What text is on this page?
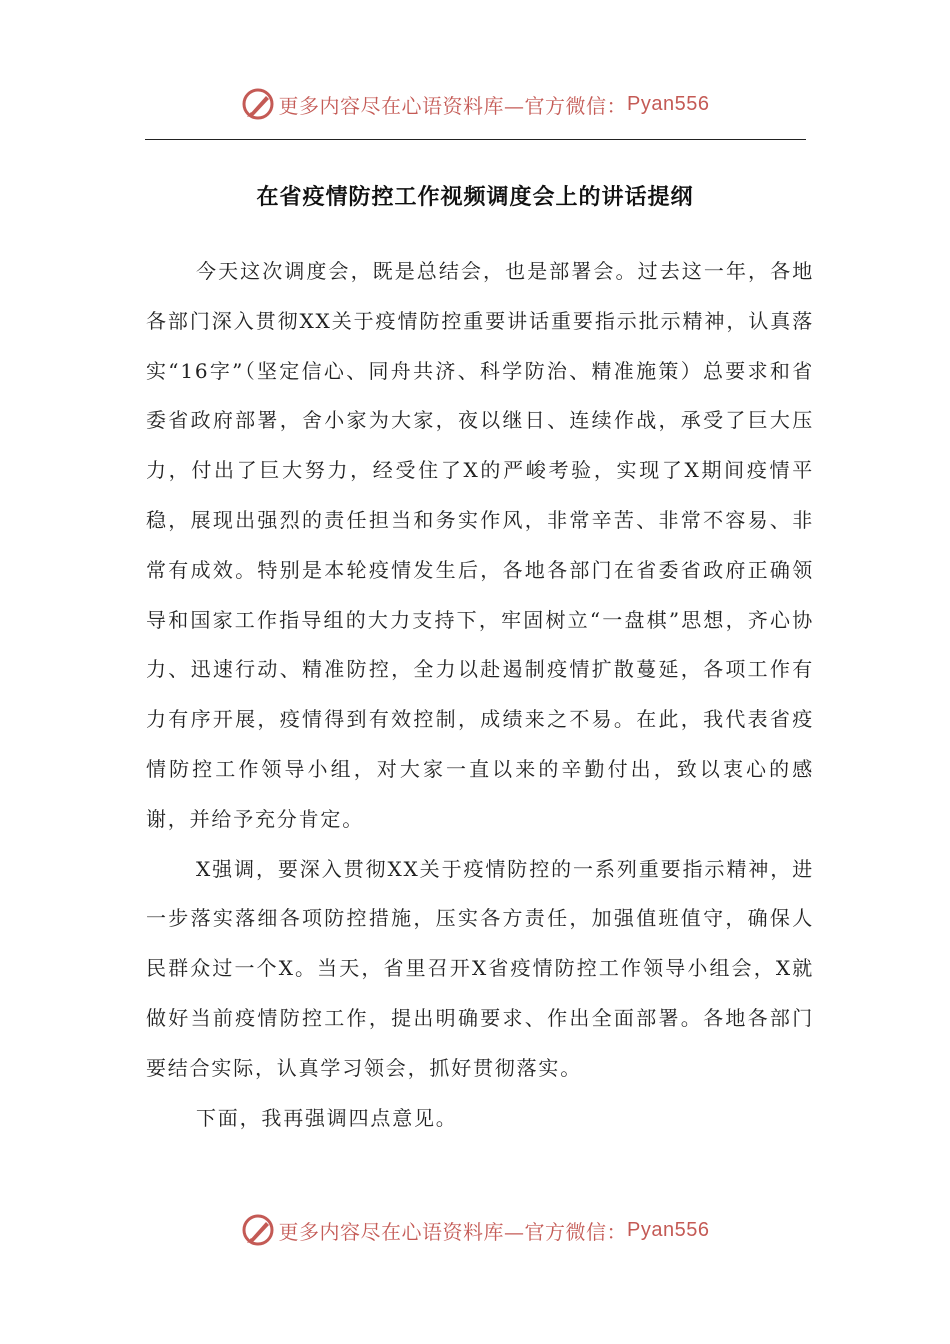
更多内容尽在心语资料库—官方微信： Pyan556
在省疫情防控工作视频调度会上的讲话提纲

今天这次调度会，既是总结会，也是部署会。过去这一年，各地各部门深入贯彻XX关于疫情防控重要讲话重要指示批示精神，认真落实“16字”（坚定信心、同舟共济、科学防治、精准施策）总要求和省委省政府部署，舍小家为大家，夜以继日、连续作战，承受了巨大压力，付出了巨大努力，经受住了X的严峻考验，实现了X期间疫情平稳，展现出强烈的责任担当和务实作风，非常辛苦、非常不容易、非常有成效。特别是本轮疫情发生后，各地各部门在省委省政府正确领导和国家工作指导组的大力支持下，牢固树立“一盘棋”思想，齐心协力、迅速行动、精准防控，全力以赴遏制疫情扩散蔓延，各项工作有力有序开展，疫情得到有效控制，成绩来之不易。在此，我代表省疫情防控工作领导小组，对大家一直以来的辛勤付出，致以衷心的感谢，并给予充分肯定。

X强调，要深入贯彻XX关于疫情防控的一系列重要指示精神，进一步落实落细各项防控措施，压实各方责任，加强值班值守，确保人民群众过一个X。当天，省里召开X省疫情防控工作领导小组会，X就做好当前疫情防控工作，提出明确要求、作出全面部署。各地各部门要结合实际，认真学习领会，抓好贯彻落实。

下面，我再强调四点意见。

更多内容尽在心语资料库—官方微信： Pyan556
